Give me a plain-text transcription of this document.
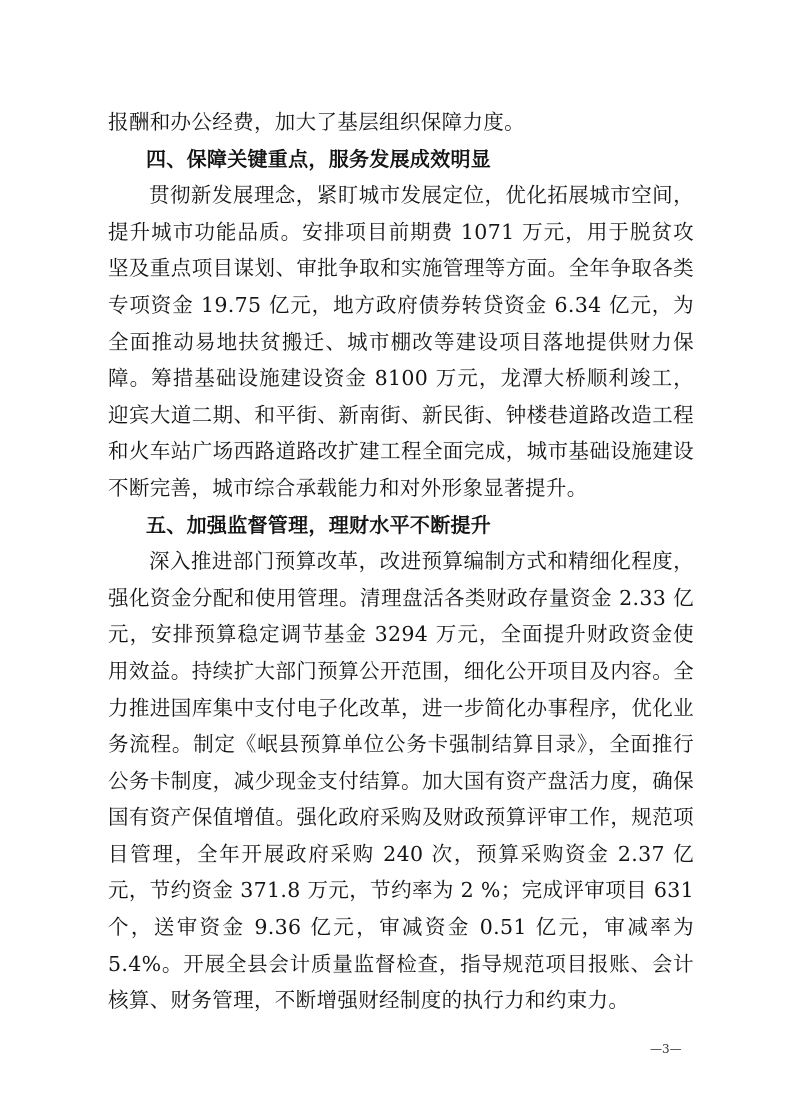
报酬和办公经费，加大了基层组织保障力度。

四、保障关键重点，服务发展成效明显

贯彻新发展理念，紧盯城市发展定位，优化拓展城市空间，提升城市功能品质。安排项目前期费 1071 万元，用于脱贫攻坚及重点项目谋划、审批争取和实施管理等方面。全年争取各类专项资金 19.75 亿元，地方政府债券转贷资金 6.34 亿元，为全面推动易地扶贫搬迁、城市棚改等建设项目落地提供财力保障。筹措基础设施建设资金 8100 万元，龙潭大桥顺利竣工，迎宾大道二期、和平街、新南街、新民街、钟楼巷道路改造工程和火车站广场西路道路改扩建工程全面完成，城市基础设施建设不断完善，城市综合承载能力和对外形象显著提升。

五、加强监督管理，理财水平不断提升

深入推进部门预算改革，改进预算编制方式和精细化程度，强化资金分配和使用管理。清理盘活各类财政存量资金 2.33 亿元，安排预算稳定调节基金 3294 万元，全面提升财政资金使用效益。持续扩大部门预算公开范围，细化公开项目及内容。全力推进国库集中支付电子化改革，进一步简化办事程序，优化业务流程。制定《岷县预算单位公务卡强制结算目录》，全面推行公务卡制度，减少现金支付结算。加大国有资产盘活力度，确保国有资产保值增值。强化政府采购及财政预算评审工作，规范项目管理，全年开展政府采购 240 次，预算采购资金 2.37 亿元，节约资金 371.8 万元，节约率为 2 %；完成评审项目 631 个，送审资金 9.36 亿元，审减资金 0.51 亿元，审减率为 5.4%。开展全县会计质量监督检查，指导规范项目报账、会计核算、财务管理，不断增强财经制度的执行力和约束力。

—3—
